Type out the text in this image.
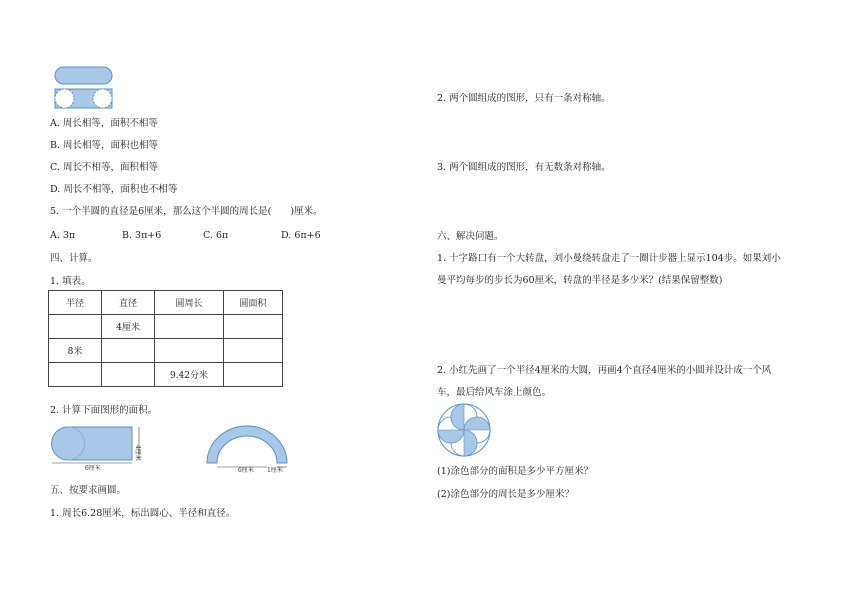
A. 周长相等，面积不相等
B. 周长相等，面积也相等
C. 周长不相等，面积相等
D. 周长不相等，面积也不相等
5. 一个半圆的直径是6厘米，那么这个半圆的周长是(　　)厘米。
A. 3π	B. 3π+6	C. 6π	D. 6π+6
四、计算。
1. 填表。
半径	直径	圆周长	圆面积
	4厘米		
8米			
		9.42分米	
2. 计算下面图形的面积。
6厘米
4厘米
6厘米 1厘米
五、按要求画圆。
1. 周长6.28厘米，标出圆心、半径和直径。
2. 两个圆组成的图形，只有一条对称轴。
3. 两个圆组成的图形，有无数条对称轴。
六、解决问题。
1. 十字路口有一个大转盘，刘小曼绕转盘走了一圈计步器上显示104步。如果刘小
曼平均每步的步长为60厘米，转盘的半径是多少米？(结果保留整数)
2. 小红先画了一个半径4厘米的大圆，再画4个直径4厘米的小圆并设计成一个风
车，最后给风车涂上颜色。
(1)涂色部分的面积是多少平方厘米？
(2)涂色部分的周长是多少厘米？
